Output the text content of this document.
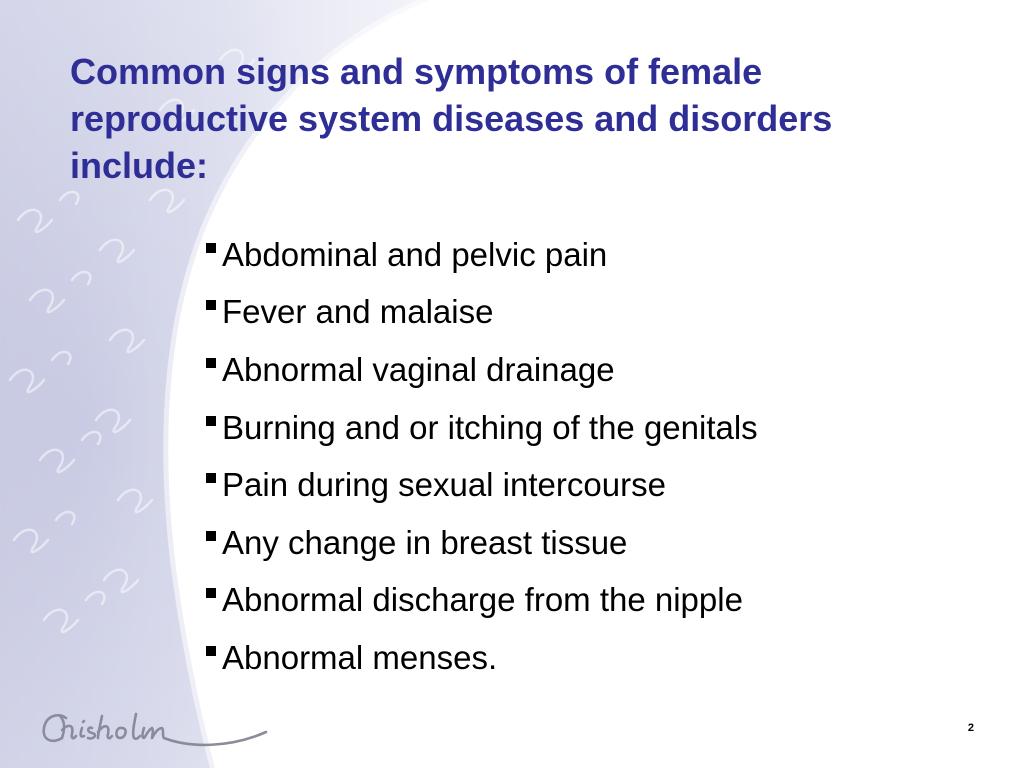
Common signs and symptoms of female reproductive system diseases and disorders include:
Abdominal and pelvic pain
Fever and malaise
Abnormal vaginal drainage
Burning and or itching of the genitals
Pain during sexual intercourse
Any change in breast tissue
Abnormal discharge from the nipple
Abnormal menses.
Chisholm
2
